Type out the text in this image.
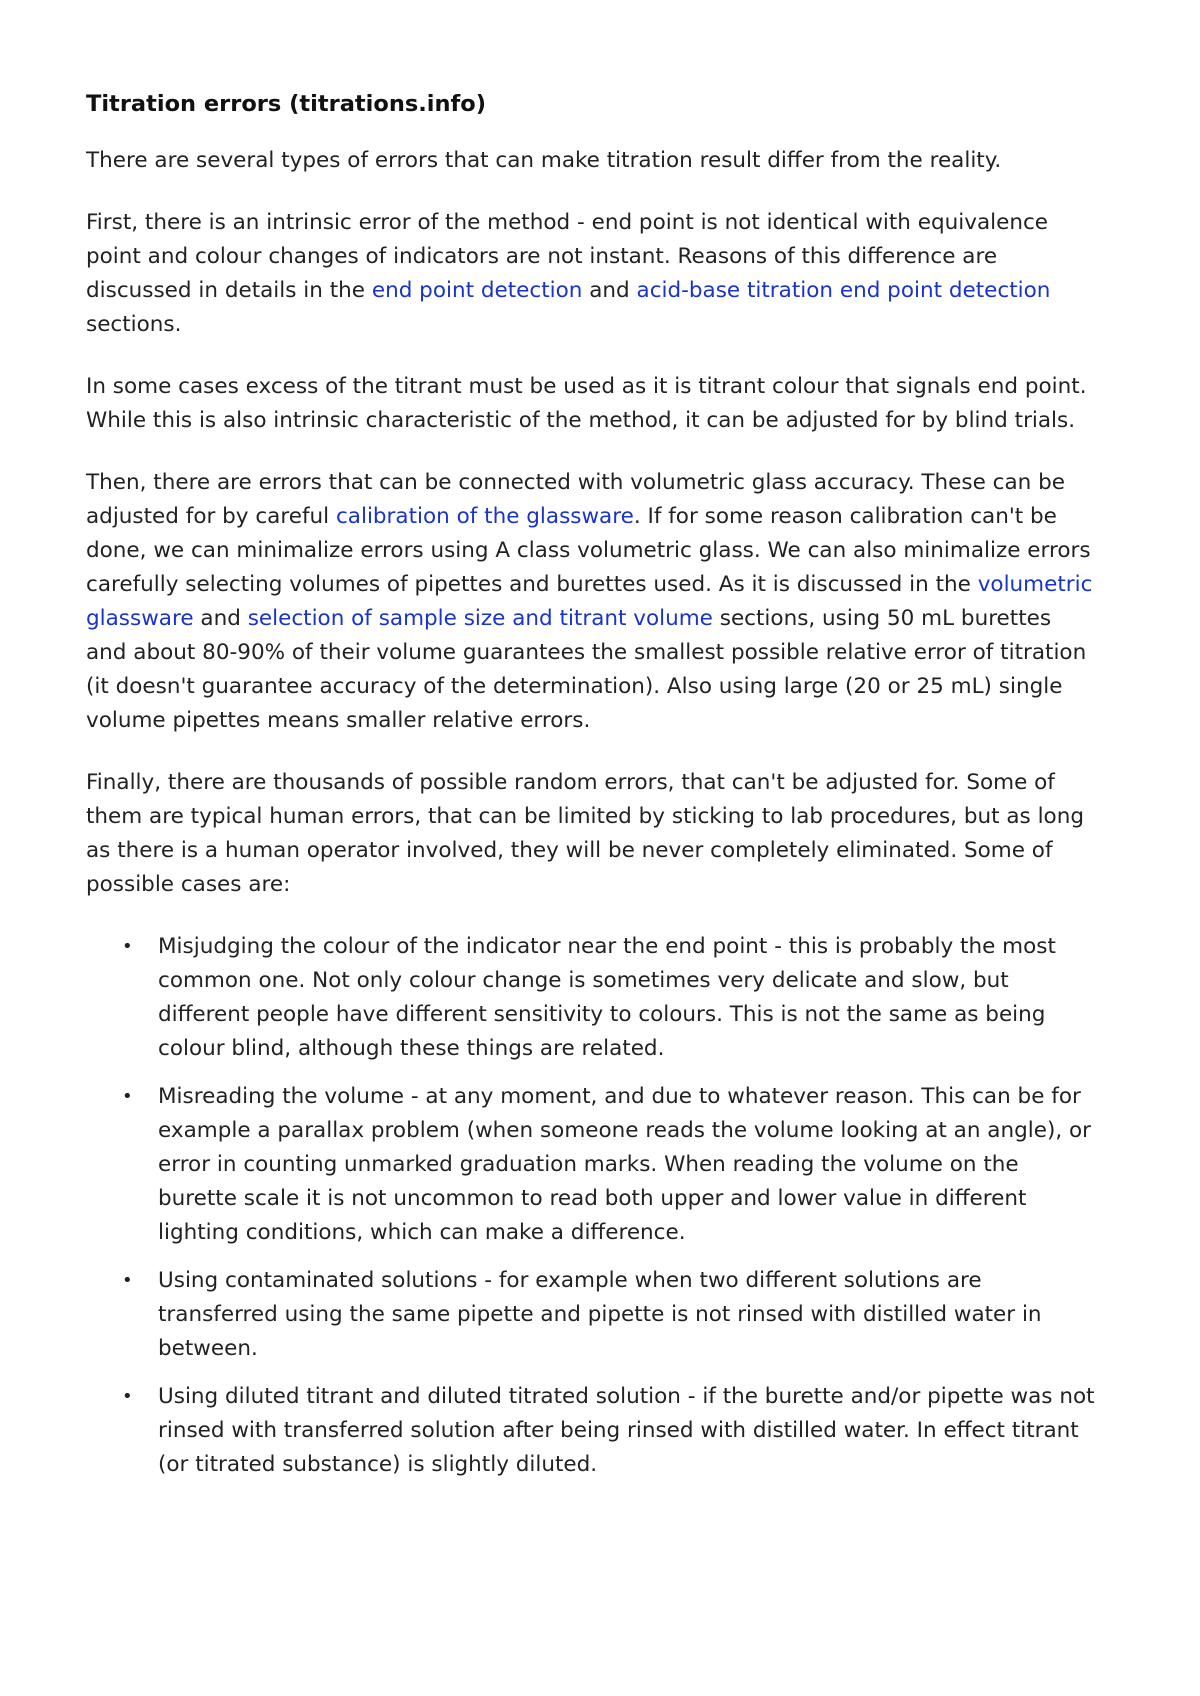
Titration errors (titrations.info)

There are several types of errors that can make titration result differ from the reality.

First, there is an intrinsic error of the method - end point is not identical with equivalence point and colour changes of indicators are not instant. Reasons of this difference are discussed in details in the end point detection and acid-base titration end point detection sections.

In some cases excess of the titrant must be used as it is titrant colour that signals end point. While this is also intrinsic characteristic of the method, it can be adjusted for by blind trials.

Then, there are errors that can be connected with volumetric glass accuracy. These can be adjusted for by careful calibration of the glassware. If for some reason calibration can't be done, we can minimalize errors using A class volumetric glass. We can also minimalize errors carefully selecting volumes of pipettes and burettes used. As it is discussed in the volumetric glassware and selection of sample size and titrant volume sections, using 50 mL burettes and about 80-90% of their volume guarantees the smallest possible relative error of titration (it doesn't guarantee accuracy of the determination). Also using large (20 or 25 mL) single volume pipettes means smaller relative errors.

Finally, there are thousands of possible random errors, that can't be adjusted for. Some of them are typical human errors, that can be limited by sticking to lab procedures, but as long as there is a human operator involved, they will be never completely eliminated. Some of possible cases are:

• Misjudging the colour of the indicator near the end point - this is probably the most common one. Not only colour change is sometimes very delicate and slow, but different people have different sensitivity to colours. This is not the same as being colour blind, although these things are related.
• Misreading the volume - at any moment, and due to whatever reason. This can be for example a parallax problem (when someone reads the volume looking at an angle), or error in counting unmarked graduation marks. When reading the volume on the burette scale it is not uncommon to read both upper and lower value in different lighting conditions, which can make a difference.
• Using contaminated solutions - for example when two different solutions are transferred using the same pipette and pipette is not rinsed with distilled water in between.
• Using diluted titrant and diluted titrated solution - if the burette and/or pipette was not rinsed with transferred solution after being rinsed with distilled water. In effect titrant (or titrated substance) is slightly diluted.
